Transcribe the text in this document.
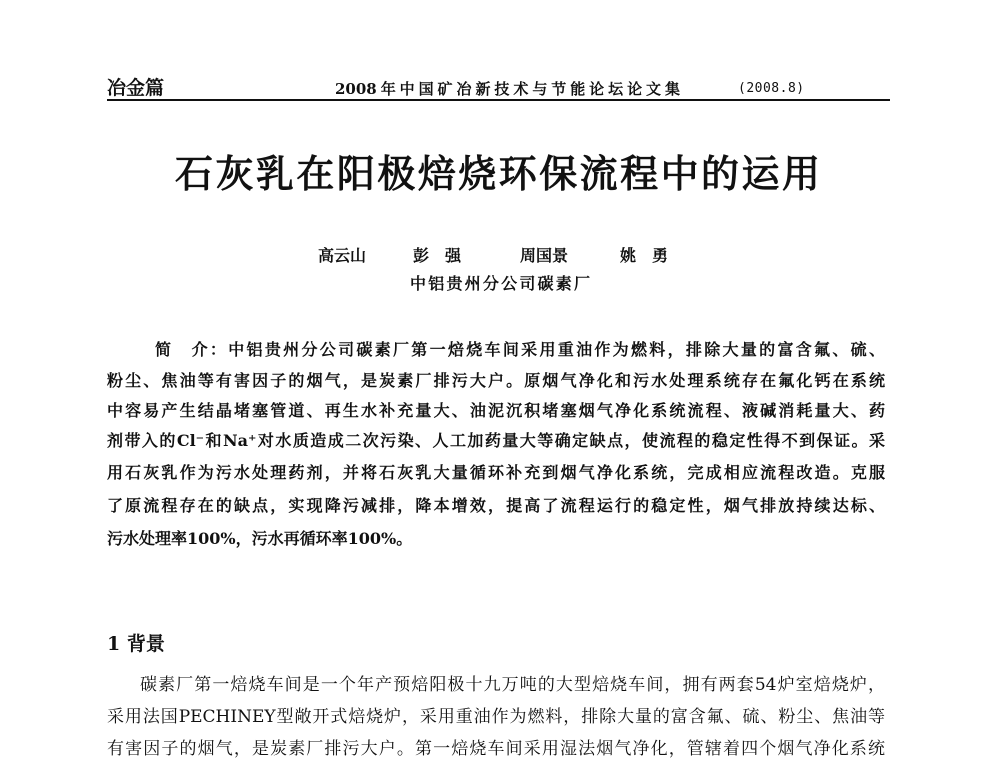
冶金篇	2008年中国矿冶新技术与节能论坛论文集	(2008.8)
石灰乳在阳极焙烧环保流程中的运用
高云山	彭　强	周国景	姚　勇
中铝贵州分公司碳素厂
简　介：中铝贵州分公司碳素厂第一焙烧车间采用重油作为燃料，排除大量的富含氟、硫、
粉尘、焦油等有害因子的烟气，是炭素厂排污大户。原烟气净化和污水处理系统存在氟化钙在系统
中容易产生结晶堵塞管道、再生水补充量大、油泥沉积堵塞烟气净化系统流程、液碱消耗量大、药
剂带入的Cl⁻和Na⁺对水质造成二次污染、人工加药量大等确定缺点，使流程的稳定性得不到保证。采
用石灰乳作为污水处理药剂，并将石灰乳大量循环补充到烟气净化系统，完成相应流程改造。克服
了原流程存在的缺点，实现降污减排，降本增效，提高了流程运行的稳定性，烟气排放持续达标、
污水处理率100%，污水再循环率100%。
1 背景
碳素厂第一焙烧车间是一个年产预焙阳极十九万吨的大型焙烧车间，拥有两套54炉室焙烧炉，
采用法国PECHINEY型敞开式焙烧炉，采用重油作为燃料，排除大量的富含氟、硫、粉尘、焦油等
有害因子的烟气，是炭素厂排污大户。第一焙烧车间采用湿法烟气净化，管辖着四个烟气净化系统
